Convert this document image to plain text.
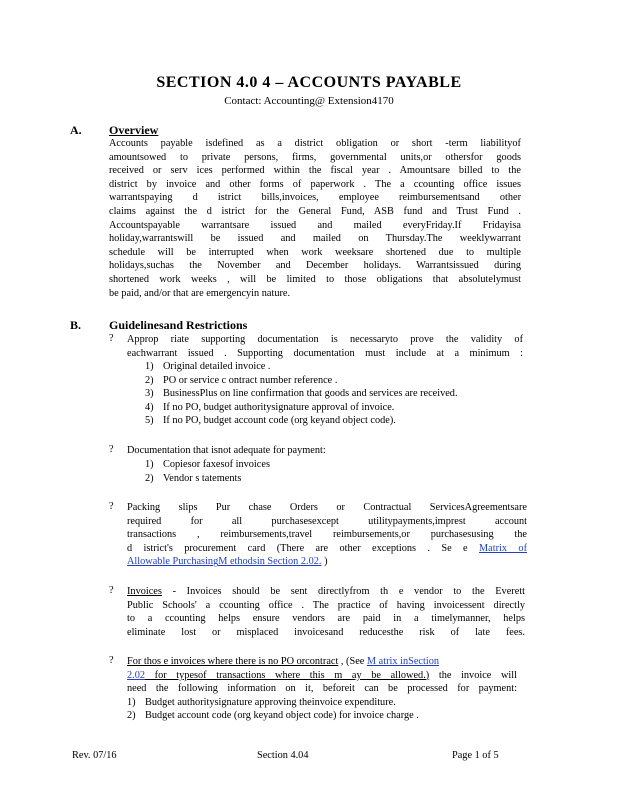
SECTION 4.0 4 – ACCOUNTS PAYABLE
Contact: Accounting@ Extension4170
A. Overview
Accounts payable isdefined as a district obligation or short -term liabilityof
amountsowed to private persons, firms, governmental units,or othersfor goods
received or serv ices performed within the fiscal year . Amountsare billed to the
district by invoice and other forms of paperwork . The a ccounting office issues
warrantspaying d istrict bills,invoices, employee reimbursementsand other
claims against the d istrict for the General Fund, ASB fund and Trust Fund .
Accountspayable warrantsare issued and mailed everyFriday.If Fridayisa
holiday,warrantswill be issued and mailed on Thursday.The weeklywarrant
schedule will be interrupted when work weeksare shortened due to multiple
holidays,suchas the November and December holidays. Warrantsissued during
shortened work weeks , will be limited to those obligations that absolutelymust
be paid, and/or that are emergencyin nature.
B. Guidelinesand Restrictions
? Approp riate supporting documentation is necessaryto prove the validity of
eachwarrant issued . Supporting documentation must include at a minimum :
1) Original detailed invoice .
2) PO or service c ontract number reference .
3) BusinessPlus on line confirmation that goods and services are received.
4) If no PO, budget authoritysignature approval of invoice.
5) If no PO, budget account code (org keyand object code).
? Documentation that isnot adequate for payment:
1) Copiesor faxesof invoices
2) Vendor s tatements
? Packing slips Pur chase Orders or Contractual ServicesAgreementsare
required for all purchasesexcept utilitypayments,imprest account
transactions , reimbursements,travel reimbursements,or purchasesusing the
d istrict's procurement card (There are other exceptions . Se e Matrix of
Allowable PurchasingM ethodsin Section 2.02. )
? Invoices - Invoices should be sent directlyfrom th e vendor to the Everett
Public Schools' a ccounting office . The practice of having invoicessent directly
to a ccounting helps ensure vendors are paid in a timelymanner, helps
eliminate lost or misplaced invoicesand reducesthe risk of late fees.
? For thos e invoices where there is no PO orcontract , (See M atrix inSection
2.02 for typesof transactions where this m ay be allowed.) the invoice will
need the following information on it, beforeit can be processed for payment:
1) Budget authoritysignature approving theinvoice expenditure.
2) Budget account code (org keyand object code) for invoice charge .
Rev. 07/16	Section 4.04	Page 1 of 5
